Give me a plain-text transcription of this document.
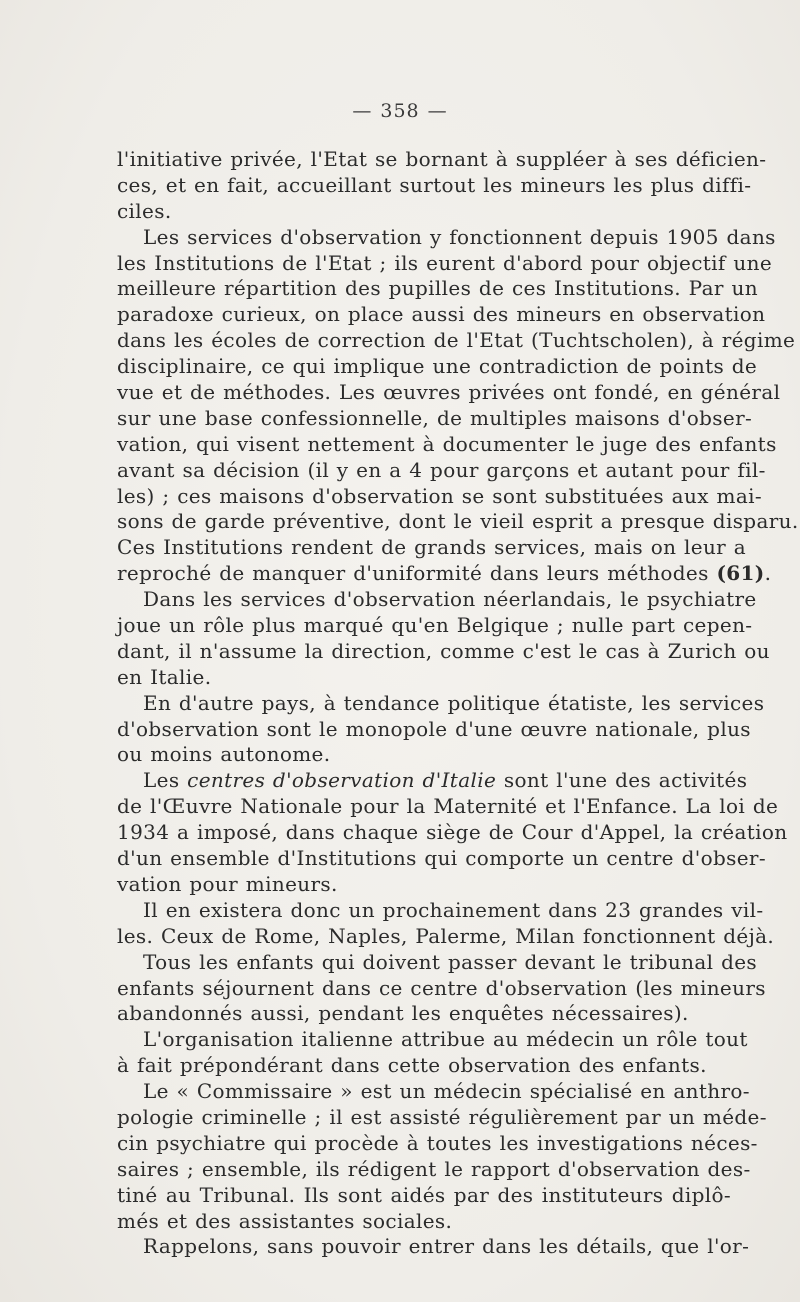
— 358 —
l'initiative privée, l'Etat se bornant à suppléer à ses déficien-
ces, et en fait, accueillant surtout les mineurs les plus diffi-
ciles.
Les services d'observation y fonctionnent depuis 1905 dans
les Institutions de l'Etat ; ils eurent d'abord pour objectif une
meilleure répartition des pupilles de ces Institutions. Par un
paradoxe curieux, on place aussi des mineurs en observation
dans les écoles de correction de l'Etat (Tuchtscholen), à régime
disciplinaire, ce qui implique une contradiction de points de
vue et de méthodes. Les œuvres privées ont fondé, en général
sur une base confessionnelle, de multiples maisons d'obser-
vation, qui visent nettement à documenter le juge des enfants
avant sa décision (il y en a 4 pour garçons et autant pour fil-
les) ; ces maisons d'observation se sont substituées aux mai-
sons de garde préventive, dont le vieil esprit a presque disparu.
Ces Institutions rendent de grands services, mais on leur a
reproché de manquer d'uniformité dans leurs méthodes (61).
Dans les services d'observation néerlandais, le psychiatre
joue un rôle plus marqué qu'en Belgique ; nulle part cepen-
dant, il n'assume la direction, comme c'est le cas à Zurich ou
en Italie.
En d'autre pays, à tendance politique étatiste, les services
d'observation sont le monopole d'une œuvre nationale, plus
ou moins autonome.
Les centres d'observation d'Italie sont l'une des activités
de l'Œuvre Nationale pour la Maternité et l'Enfance. La loi de
1934 a imposé, dans chaque siège de Cour d'Appel, la création
d'un ensemble d'Institutions qui comporte un centre d'obser-
vation pour mineurs.
Il en existera donc un prochainement dans 23 grandes vil-
les. Ceux de Rome, Naples, Palerme, Milan fonctionnent déjà.
Tous les enfants qui doivent passer devant le tribunal des
enfants séjournent dans ce centre d'observation (les mineurs
abandonnés aussi, pendant les enquêtes nécessaires).
L'organisation italienne attribue au médecin un rôle tout
à fait prépondérant dans cette observation des enfants.
Le « Commissaire » est un médecin spécialisé en anthro-
pologie criminelle ; il est assisté régulièrement par un méde-
cin psychiatre qui procède à toutes les investigations néces-
saires ; ensemble, ils rédigent le rapport d'observation des-
tiné au Tribunal. Ils sont aidés par des instituteurs diplô-
més et des assistantes sociales.
Rappelons, sans pouvoir entrer dans les détails, que l'or-
